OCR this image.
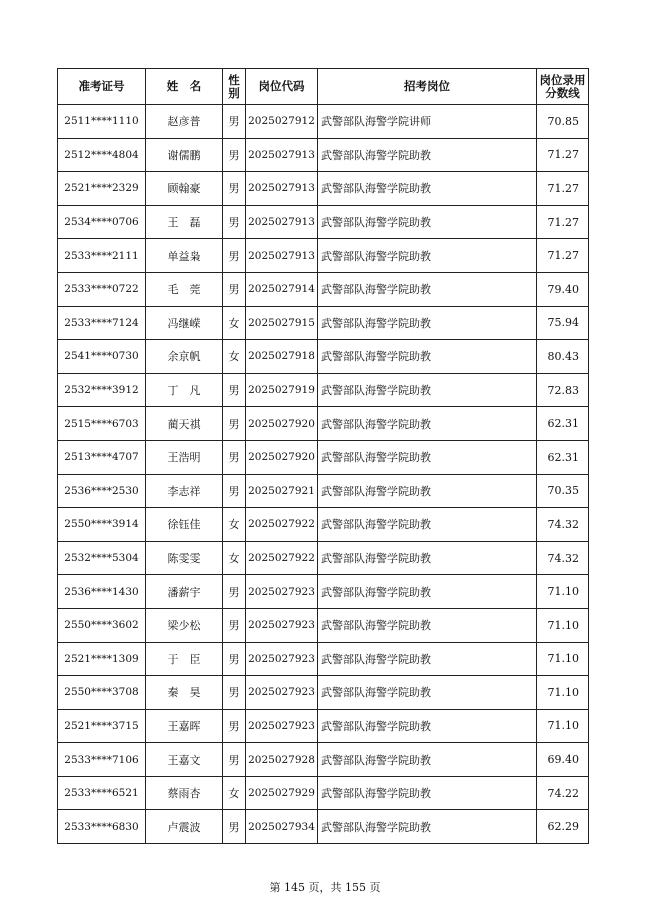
准考证号	姓　名	性别	岗位代码	招考岗位	岗位录用
分数线

2511****1110	赵彦普	男	2025027912	武警部队海警学院讲师	70.85
2512****4804	谢儒鹏	男	2025027913	武警部队海警学院助教	71.27
2521****2329	顾翰豪	男	2025027913	武警部队海警学院助教	71.27
2534****0706	王　磊	男	2025027913	武警部队海警学院助教	71.27
2533****2111	单益枭	男	2025027913	武警部队海警学院助教	71.27
2533****0722	毛　莞	男	2025027914	武警部队海警学院助教	79.40
2533****7124	冯继嵘	女	2025027915	武警部队海警学院助教	75.94
2541****0730	余京帆	女	2025027918	武警部队海警学院助教	80.43
2532****3912	丁　凡	男	2025027919	武警部队海警学院助教	72.83
2515****6703	蔺天祺	男	2025027920	武警部队海警学院助教	62.31
2513****4707	王浩明	男	2025027920	武警部队海警学院助教	62.31
2536****2530	李志祥	男	2025027921	武警部队海警学院助教	70.35
2550****3914	徐钰佳	女	2025027922	武警部队海警学院助教	74.32
2532****5304	陈雯雯	女	2025027922	武警部队海警学院助教	74.32
2536****1430	潘薪宇	男	2025027923	武警部队海警学院助教	71.10
2550****3602	梁少松	男	2025027923	武警部队海警学院助教	71.10
2521****1309	于　臣	男	2025027923	武警部队海警学院助教	71.10
2550****3708	秦　昊	男	2025027923	武警部队海警学院助教	71.10
2521****3715	王嘉晖	男	2025027923	武警部队海警学院助教	71.10
2533****7106	王嘉文	男	2025027928	武警部队海警学院助教	69.40
2533****6521	蔡雨杏	女	2025027929	武警部队海警学院助教	74.22
2533****6830	卢震波	男	2025027934	武警部队海警学院助教	62.29
第 145 页，共 155 页
